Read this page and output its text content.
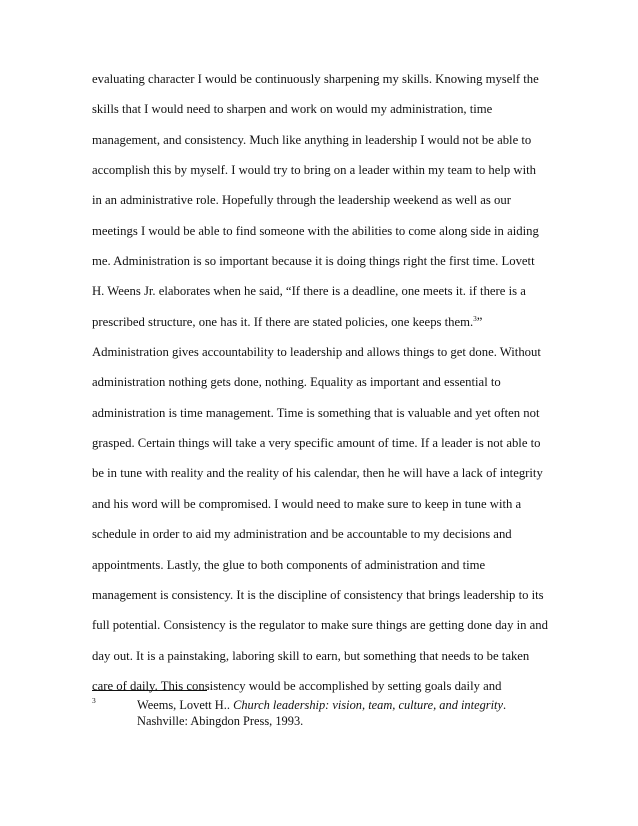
evaluating character I would be continuously sharpening my skills. Knowing myself the
skills that I would need to sharpen and work on would my administration, time
management, and consistency. Much like anything in leadership I would not be able to
accomplish this by myself. I would try to bring on a leader within my team to help with
in an administrative role. Hopefully through the leadership weekend as well as our
meetings I would be able to find someone with the abilities to come along side in aiding
me. Administration is so important because it is doing things right the first time. Lovett
H. Weens Jr. elaborates when he said, “If there is a deadline, one meets it. if there is a
prescribed structure, one has it. If there are stated policies, one keeps them.$^3$”
Administration gives accountability to leadership and allows things to get done. Without
administration nothing gets done, nothing. Equality as important and essential to
administration is time management. Time is something that is valuable and yet often not
grasped. Certain things will take a very specific amount of time. If a leader is not able to
be in tune with reality and the reality of his calendar, then he will have a lack of integrity
and his word will be compromised. I would need to make sure to keep in tune with a
schedule in order to aid my administration and be accountable to my decisions and
appointments. Lastly, the glue to both components of administration and time
management is consistency. It is the discipline of consistency that brings leadership to its
full potential. Consistency is the regulator to make sure things are getting done day in and
day out. It is a painstaking, laboring skill to earn, but something that needs to be taken
care of daily. This consistency would be accomplished by setting goals daily and
3	Weems, Lovett H.. Church leadership: vision, team, culture, and integrity.
Nashville: Abingdon Press, 1993.
